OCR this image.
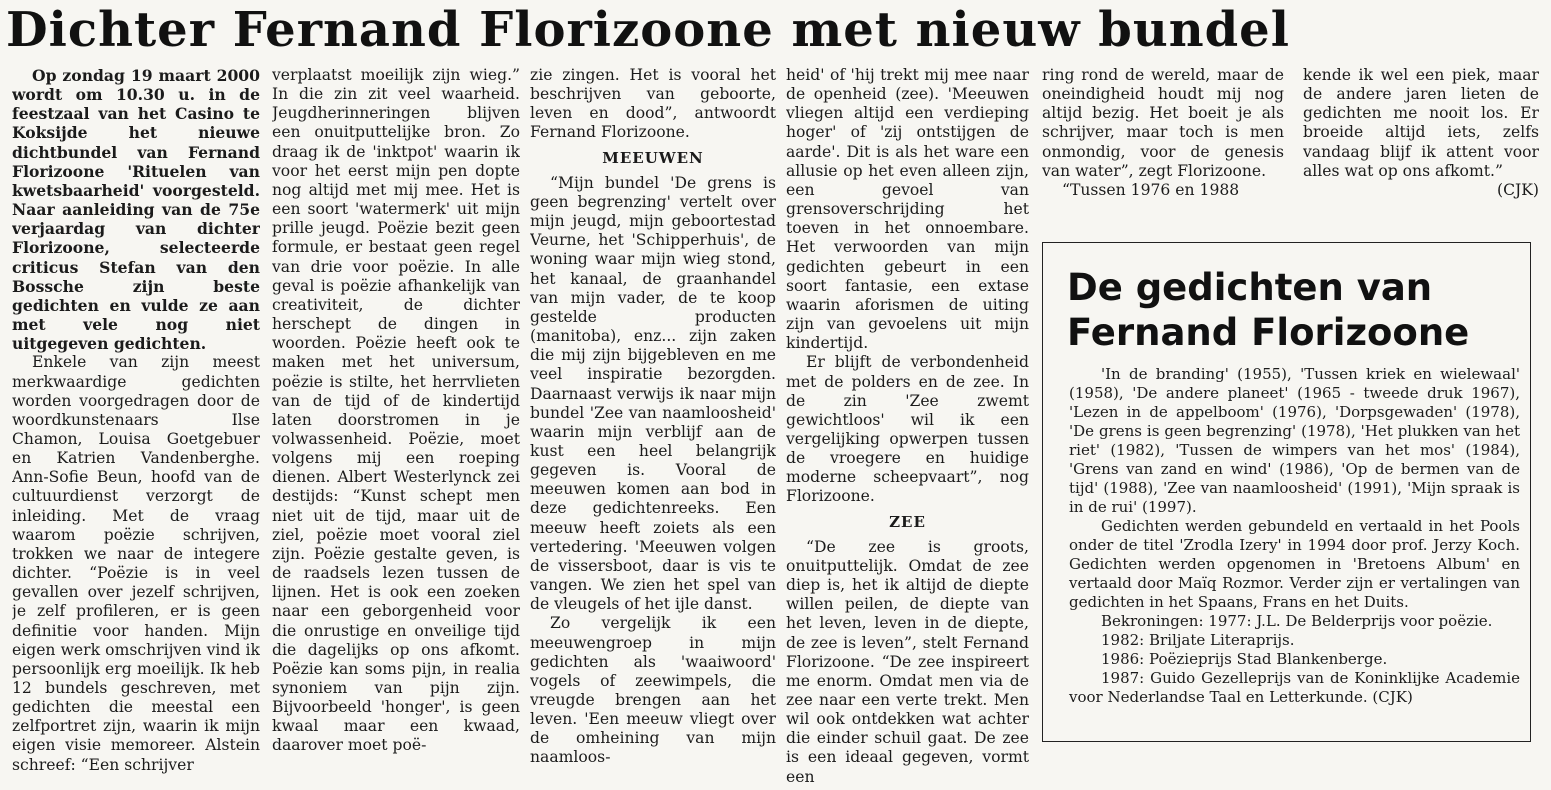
Dichter Fernand Florizoone met nieuw bundel

Op zondag 19 maart 2000 wordt om 10.30 u. in de feestzaal van het Casino te Koksijde het nieuwe dichtbundel van Fernand Florizoone 'Rituelen van kwetsbaarheid' voorgesteld. Naar aanleiding van de 75e verjaardag van dichter Florizoone, selecteerde criticus Stefan van den Bossche zijn beste gedichten en vulde ze aan met vele nog niet uitgegeven gedichten.

Enkele van zijn meest merkwaardige gedichten worden voorgedragen door de woordkunstenaars Ilse Chamon, Louisa Goetgebuer en Katrien Vandenberghe. Ann-Sofie Beun, hoofd van de cultuurdienst verzorgt de inleiding. Met de vraag waarom poëzie schrijven, trokken we naar de integere dichter. “Poëzie is in veel gevallen over jezelf schrijven, je zelf profileren, er is geen definitie voor handen. Mijn eigen werk omschrijven vind ik persoonlijk erg moeilijk. Ik heb 12 bundels geschreven, met gedichten die meestal een zelfportret zijn, waarin ik mijn eigen visie memoreer. Alstein schreef: “Een schrijver

verplaatst moeilijk zijn wieg.” In die zin zit veel waarheid. Jeugdherinneringen blijven een onuitputtelijke bron. Zo draag ik de 'inktpot' waarin ik voor het eerst mijn pen dopte nog altijd met mij mee. Het is een soort 'watermerk' uit mijn prille jeugd. Poëzie bezit geen formule, er bestaat geen regel van drie voor poëzie. In alle geval is poëzie afhankelijk van creativiteit, de dichter herschept de dingen in woorden. Poëzie heeft ook te maken met het universum, poëzie is stilte, het herrvlieten van de tijd of de kindertijd laten doorstromen in je volwassenheid. Poëzie, moet volgens mij een roeping dienen. Albert Westerlynck zei destijds: “Kunst schept men niet uit de tijd, maar uit de ziel, poëzie moet vooral ziel zijn. Poëzie gestalte geven, is de raadsels lezen tussen de lijnen. Het is ook een zoeken naar een geborgenheid voor die onrustige en onveilige tijd die dagelijks op ons afkomt. Poëzie kan soms pijn, in realia synoniem van pijn zijn. Bijvoorbeeld 'honger', is geen kwaal maar een kwaad, daarover moet poë-

zie zingen. Het is vooral het beschrijven van geboorte, leven en dood”, antwoordt Fernand Florizoone.

MEEUWEN

“Mijn bundel 'De grens is geen begrenzing' vertelt over mijn jeugd, mijn geboortestad Veurne, het 'Schipperhuis', de woning waar mijn wieg stond, het kanaal, de graanhandel van mijn vader, de te koop gestelde producten (manitoba), enz... zijn zaken die mij zijn bijgebleven en me veel inspiratie bezorgden. Daarnaast verwijs ik naar mijn bundel 'Zee van naamloosheid' waarin mijn verblijf aan de kust een heel belangrijk gegeven is. Vooral de meeuwen komen aan bod in deze gedichtenreeks. Een meeuw heeft zoiets als een vertedering. 'Meeuwen volgen de vissersboot, daar is vis te vangen. We zien het spel van de vleugels of het ijle danst.

Zo vergelijk ik een meeuwengroep in mijn gedichten als 'waaiwoord' vogels of zeewimpels, die vreugde brengen aan het leven. 'Een meeuw vliegt over de omheining van mijn naamloos-

heid' of 'hij trekt mij mee naar de openheid (zee). 'Meeuwen vliegen altijd een verdieping hoger' of 'zij ontstijgen de aarde'. Dit is als het ware een allusie op het even alleen zijn, een gevoel van grensoverschrijding het toeven in het onnoembare. Het verwoorden van mijn gedichten gebeurt in een soort fantasie, een extase waarin aforismen de uiting zijn van gevoelens uit mijn kindertijd.

Er blijft de verbondenheid met de polders en de zee. In de zin 'Zee zwemt gewichtloos' wil ik een vergelijking opwerpen tussen de vroegere en huidige moderne scheepvaart”, nog Florizoone.

ZEE

“De zee is groots, onuitputtelijk. Omdat de zee diep is, het ik altijd de diepte willen peilen, de diepte van het leven, leven in de diepte, de zee is leven”, stelt Fernand Florizoone. “De zee inspireert me enorm. Omdat men via de zee naar een verte trekt. Men wil ook ontdekken wat achter die einder schuil gaat. De zee is een ideaal gegeven, vormt een

ring rond de wereld, maar de oneindigheid houdt mij nog altijd bezig. Het boeit je als schrijver, maar toch is men onmondig, voor de genesis van water”, zegt Florizoone.

“Tussen 1976 en 1988

kende ik wel een piek, maar de andere jaren lieten de gedichten me nooit los. Er broeide altijd iets, zelfs vandaag blijf ik attent voor alles wat op ons afkomt.”

(CJK)

De gedichten van Fernand Florizoone

'In de branding' (1955), 'Tussen kriek en wielewaal' (1958), 'De andere planeet' (1965 - tweede druk 1967), 'Lezen in de appelboom' (1976), 'Dorpsgewaden' (1978), 'De grens is geen begrenzing' (1978), 'Het plukken van het riet' (1982), 'Tussen de wimpers van het mos' (1984), 'Grens van zand en wind' (1986), 'Op de bermen van de tijd' (1988), 'Zee van naamloosheid' (1991), 'Mijn spraak is in de rui' (1997).

Gedichten werden gebundeld en vertaald in het Pools onder de titel 'Zrodla Izery' in 1994 door prof. Jerzy Koch. Gedichten werden opgenomen in 'Bretoens Album' en vertaald door Maïq Rozmor. Verder zijn er vertalingen van gedichten in het Spaans, Frans en het Duits.

Bekroningen: 1977: J.L. De Belderprijs voor poëzie.

1982: Briljate Literaprijs.

1986: Poëzieprijs Stad Blankenberge.

1987: Guido Gezelleprijs van de Koninklijke Academie voor Nederlandse Taal en Letterkunde. (CJK)
